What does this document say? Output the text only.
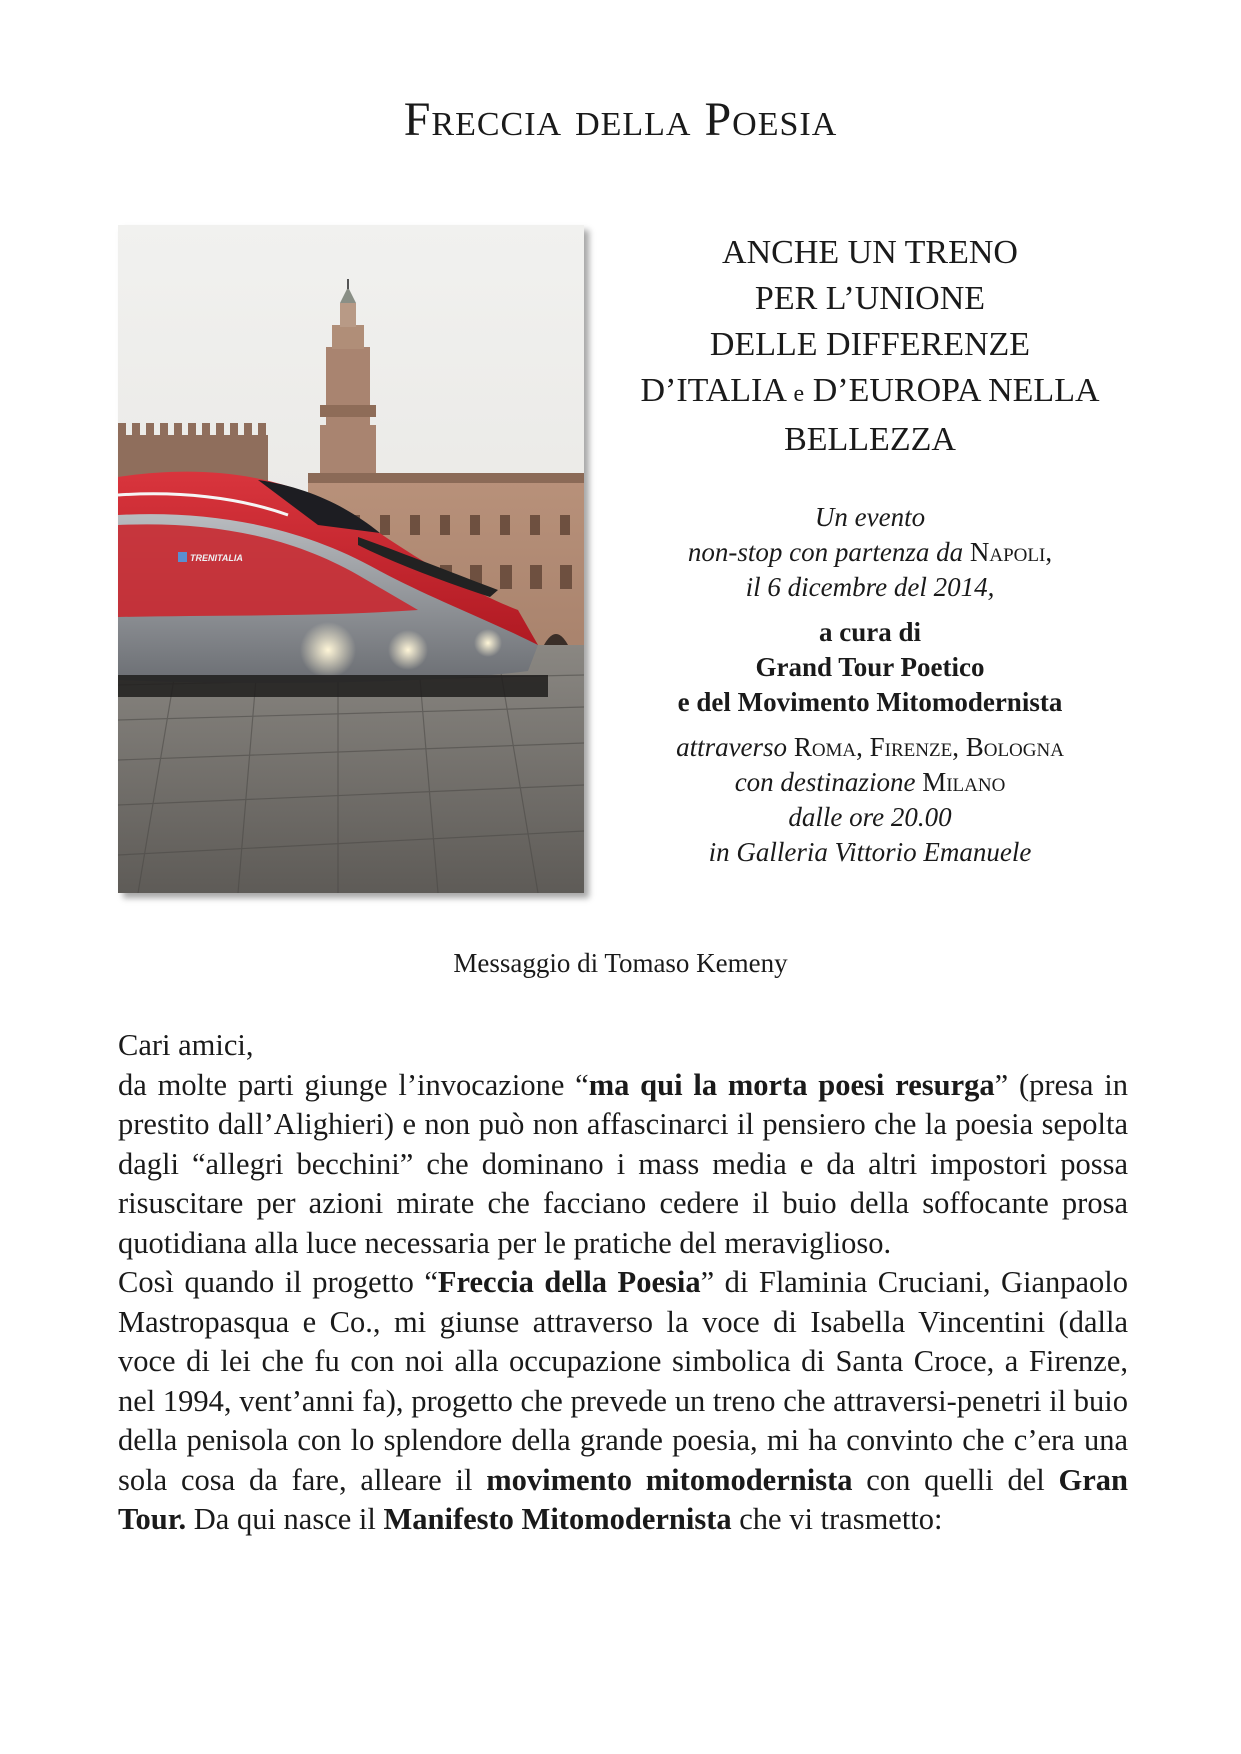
Freccia della Poesia
TRENITALIA
ANCHE UN TRENO
PER L’UNIONE
DELLE DIFFERENZE
D’ITALIA e D’EUROPA NELLA
BELLEZZA
Un evento
non-stop con partenza da Napoli,
il 6 dicembre del 2014,
a cura di
Grand Tour Poetico
e del Movimento Mitomodernista
attraverso Roma, Firenze, Bologna
con destinazione Milano
dalle ore 20.00
in Galleria Vittorio Emanuele
Messaggio di Tomaso Kemeny

Cari amici,

da molte parti giunge l’invocazione “ma qui la morta poesi resurga” (presa in prestito dall’Alighieri) e non può non affascinarci il pensiero che la poesia sepolta dagli “allegri becchini” che dominano i mass media e da altri impostori possa risuscitare per azioni mirate che facciano cedere il buio della soffocante prosa quotidiana alla luce necessaria per le pratiche del meraviglioso.

Così quando il progetto “Freccia della Poesia” di Flaminia Cruciani, Gianpaolo Mastropasqua e Co., mi giunse attraverso la voce di Isabella Vincentini (dalla voce di lei che fu con noi alla occupazione simbolica di Santa Croce, a Firenze, nel 1994, vent’anni fa), progetto che prevede un treno che attraversi-penetri il buio della penisola con lo splendore della grande poesia, mi ha convinto che c’era una sola cosa da fare, alleare il movimento mitomodernista con quelli del Gran Tour. Da qui nasce il Manifesto Mitomodernista che vi trasmetto:
